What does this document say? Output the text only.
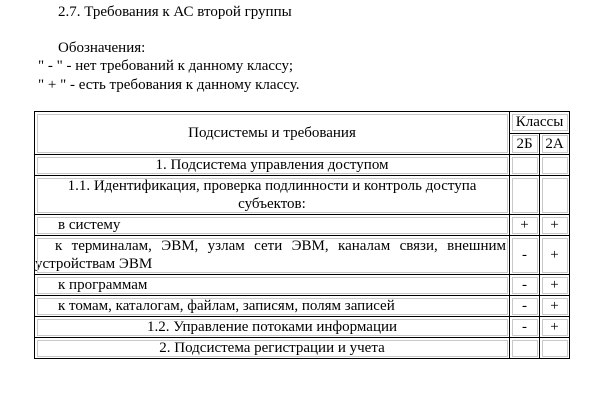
2.7. Требования к АС второй группы
Обозначения:
" - " - нет требований к данному классу;
" + " - есть требования к данному классу.
Подсистемы и требования	Классы	
	2Б	2А
1. Подсистема управления доступом		
1.1. Идентификация, проверка подлинности и контроль доступа субъектов:		
в систему	+	+
к терминалам, ЭВМ, узлам сети ЭВМ, каналам связи, внешним устройствам ЭВМ	-	+
к программам	-	+
к томам, каталогам, файлам, записям, полям записей	-	+
1.2. Управление потоками информации	-	+
2. Подсистема регистрации и учета		
